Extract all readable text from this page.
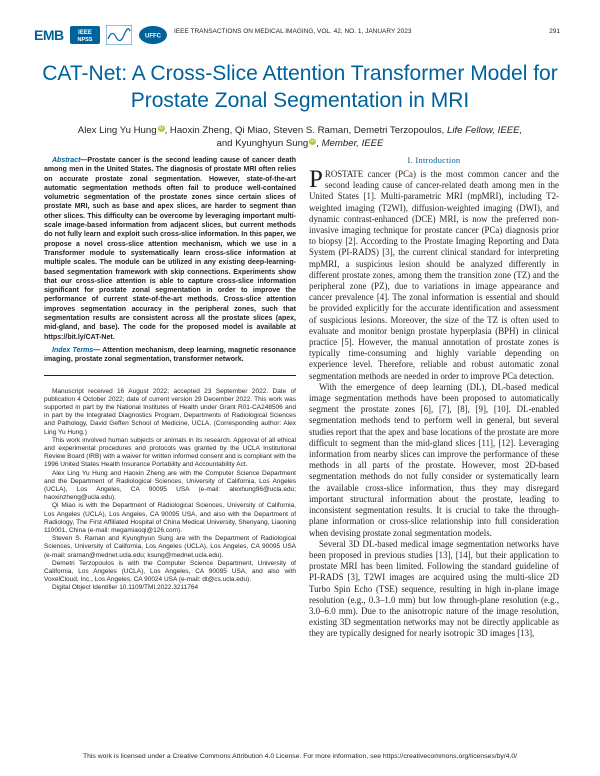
EMB IEEE
NPSS
UFFC
IEEE TRANSACTIONS ON MEDICAL IMAGING, VOL. 42, NO. 1, JANUARY 2023	291
CAT-Net: A Cross-Slice Attention Transformer Model for Prostate Zonal Segmentation in MRI
Alex Ling Yu Hung iD, Haoxin Zheng, Qi Miao, Steven S. Raman, Demetri Terzopoulos, Life Fellow, IEEE,
and Kyunghyun Sung iD, Member, IEEE

Abstract—Prostate cancer is the second leading cause of cancer death among men in the United States. The diagnosis of prostate MRI often relies on accurate prostate zonal segmentation. However, state-of-the-art automatic segmentation methods often fail to produce well-contained volumetric segmentation of the prostate zones since certain slices of prostate MRI, such as base and apex slices, are harder to segment than other slices. This difficulty can be overcome by leveraging important multi-scale image-based information from adjacent slices, but current methods do not fully learn and exploit such cross-slice information. In this paper, we propose a novel cross-slice attention mechanism, which we use in a Transformer module to systematically learn cross-slice information at multiple scales. The module can be utilized in any existing deep-learning-based segmentation framework with skip connections. Experiments show that our cross-slice attention is able to capture cross-slice information significant for prostate zonal segmentation in order to improve the performance of current state-of-the-art methods. Cross-slice attention improves segmentation accuracy in the peripheral zones, such that segmentation results are consistent across all the prostate slices (apex, mid-gland, and base). The code for the proposed model is available at https://bit.ly/CAT-Net.

Index Terms— Attention mechanism, deep learning, magnetic resonance imaging, prostate zonal segmentation, transformer network.

Manuscript received 16 August 2022; accepted 23 September 2022. Date of publication 4 October 2022; date of current version 29 December 2022. This work was supported in part by the National Institutes of Health under Grant R01-CA248506 and in part by the Integrated Diagnostics Program, Departments of Radiological Sciences and Pathology, David Geffen School of Medicine, UCLA. (Corresponding author: Alex Ling Yu Hung.)

This work involved human subjects or animals in its research. Approval of all ethical and experimental procedures and protocols was granted by the UCLA Institutional Review Board (IRB) with a waiver for written informed consent and is compliant with the 1996 United States Health Insurance Portability and Accountability Act.

Alex Ling Yu Hung and Haoxin Zheng are with the Computer Science Department and the Department of Radiological Sciences, University of California, Los Angeles (UCLA), Los Angeles, CA 90095 USA (e-mail: alexhung96@ucla.edu; haoxinzheng@ucla.edu).

Qi Miao is with the Department of Radiological Sciences, University of California, Los Angeles (UCLA), Los Angeles, CA 90095 USA, and also with the Department of Radiology, The First Affiliated Hospital of China Medical University, Shenyang, Liaoning 110001, China (e-mail: megamiaoqi@126.com).

Steven S. Raman and Kyunghyun Sung are with the Department of Radiological Sciences, University of California, Los Angeles (UCLA), Los Angeles, CA 90095 USA (e-mail: sraman@mednet.ucla.edu; ksung@mednet.ucla.edu).

Demetri Terzopoulos is with the Computer Science Department, University of California, Los Angeles (UCLA), Los Angeles, CA 90095 USA, and also with VoxelCloud, Inc., Los Angeles, CA 90024 USA (e-mail: dt@cs.ucla.edu).

Digital Object Identifier 10.1109/TMI.2022.3211764

I. Introduction

PROSTATE cancer (PCa) is the most common cancer and the second leading cause of cancer-related death among men in the United States [1]. Multi-parametric MRI (mpMRI), including T2-weighted imaging (T2WI), diffusion-weighted imaging (DWI), and dynamic contrast-enhanced (DCE) MRI, is now the preferred non-invasive imaging technique for prostate cancer (PCa) diagnosis prior to biopsy [2]. According to the Prostate Imaging Reporting and Data System (PI-RADS) [3], the current clinical standard for interpreting mpMRI, a suspicious lesion should be analyzed differently in different prostate zones, among them the transition zone (TZ) and the peripheral zone (PZ), due to variations in image appearance and cancer prevalence [4]. The zonal information is essential and should be provided explicitly for the accurate identification and assessment of suspicious lesions. Moreover, the size of the TZ is often used to evaluate and monitor benign prostate hyperplasia (BPH) in clinical practice [5]. However, the manual annotation of prostate zones is typically time-consuming and highly variable depending on experience level. Therefore, reliable and robust automatic zonal segmentation methods are needed in order to improve PCa detection.

With the emergence of deep learning (DL), DL-based medical image segmentation methods have been proposed to automatically segment the prostate zones [6], [7], [8], [9], [10]. DL-enabled segmentation methods tend to perform well in general, but several studies report that the apex and base locations of the prostate are more difficult to segment than the mid-gland slices [11], [12]. Leveraging information from nearby slices can improve the performance of these methods in all parts of the prostate. However, most 2D-based segmentation methods do not fully consider or systematically learn the available cross-slice information, thus they may disregard important structural information about the prostate, leading to inconsistent segmentation results. It is crucial to take the through-plane information or cross-slice relationship into full consideration when devising prostate zonal segmentation models.

Several 3D DL-based medical image segmentation networks have been proposed in previous studies [13], [14], but their application to prostate MRI has been limited. Following the standard guideline of PI-RADS [3], T2WI images are acquired using the multi-slice 2D Turbo Spin Echo (TSE) sequence, resulting in high in-plane image resolution (e.g., 0.3–1.0 mm) but low through-plane resolution (e.g., 3.0–6.0 mm). Due to the anisotropic nature of the image resolution, existing 3D segmentation networks may not be directly applicable as they are typically designed for nearly isotropic 3D images [13],

This work is licensed under a Creative Commons Attribution 4.0 License. For more information, see https://creativecommons.org/licenses/by/4.0/
